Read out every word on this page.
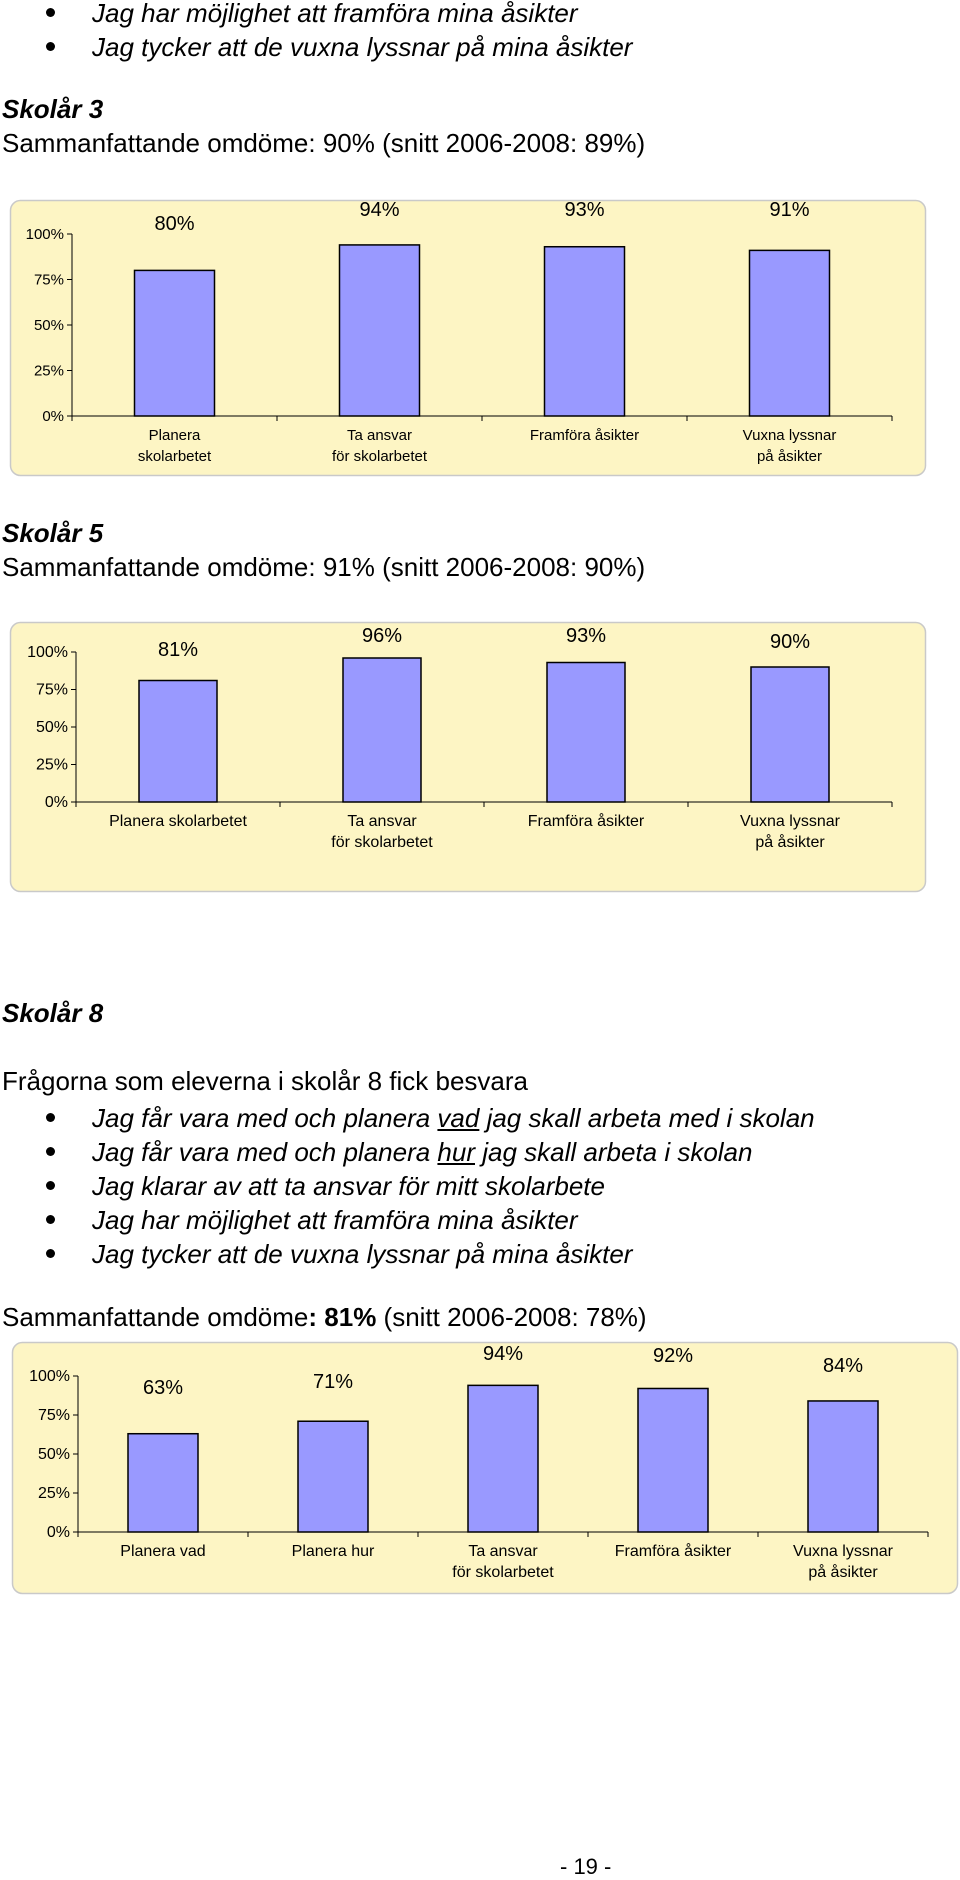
Jag har möjlighet att framföra mina åsikter
Jag tycker att de vuxna lyssnar på mina åsikter
Skolår 3

Sammanfattande omdöme: 90% (snitt 2006-2008: 89%)

0%
25%
50%
75%
100%	80%
Planera
skolarbetet
94%
Ta ansvar
för skolarbetet
93%
Framföra åsikter
91%
Vuxna lyssnar
på åsikter
Skolår 5

Sammanfattande omdöme: 91% (snitt 2006-2008: 90%)

0%
25%
50%
75%
100%	81%
Planera skolarbetet
96%
Ta ansvar
för skolarbetet
93%
Framföra åsikter
90%
Vuxna lyssnar
på åsikter
Skolår 8

Frågorna som eleverna i skolår 8 fick besvara

Jag får vara med och planera vad jag skall arbeta med i skolan
Jag får vara med och planera hur jag skall arbeta i skolan
Jag klarar av att ta ansvar för mitt skolarbete
Jag har möjlighet att framföra mina åsikter
Jag tycker att de vuxna lyssnar på mina åsikter

Sammanfattande omdöme: 81% (snitt 2006-2008: 78%)

0%
25%
50%
75%
100%
63%
Planera vad
71%
Planera hur
94%
Ta ansvar
för skolarbetet
92%
Framföra åsikter
84%
Vuxna lyssnar
på åsikter
- 19 -
